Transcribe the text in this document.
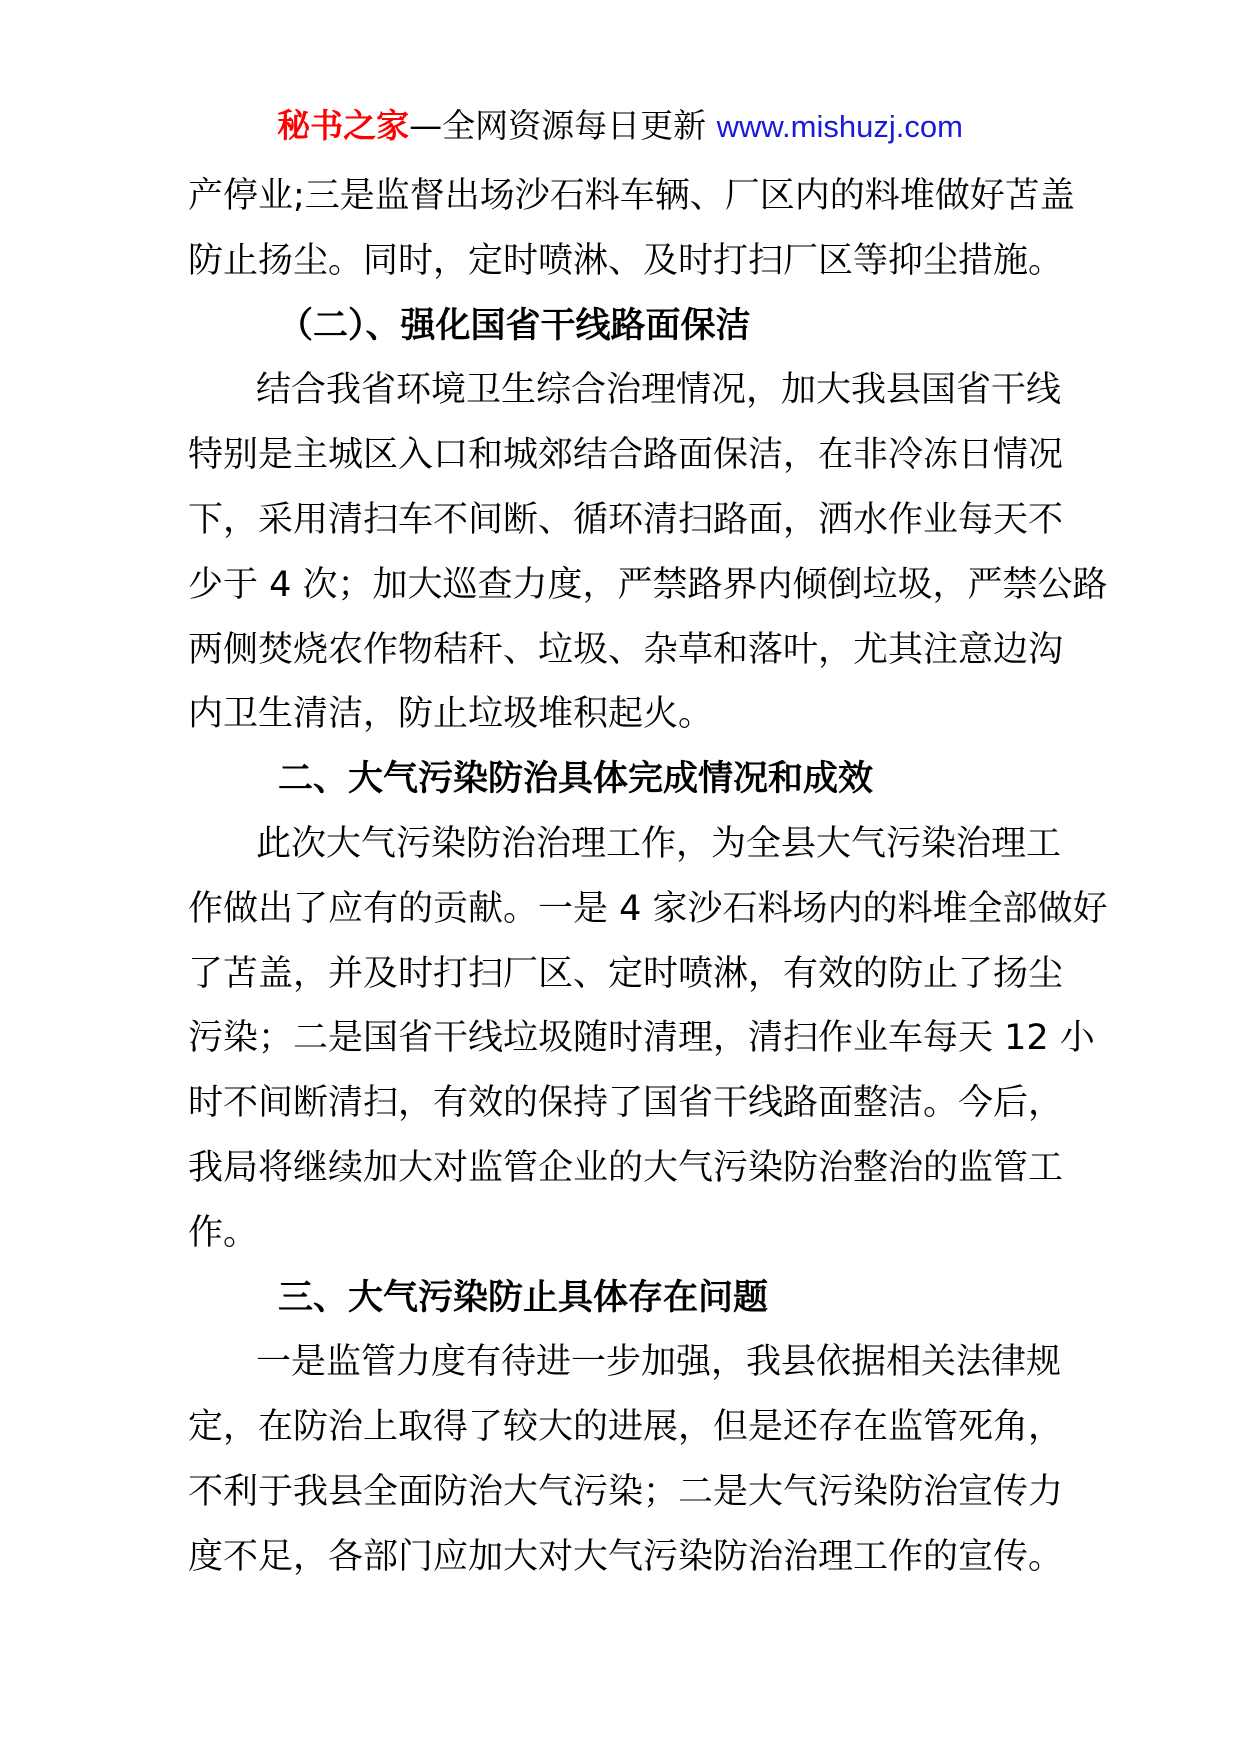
秘书之家—全网资源每日更新 www.mishuzj.com
产停业;三是监督出场沙石料车辆、厂区内的料堆做好苫盖
防止扬尘。同时，定时喷淋、及时打扫厂区等抑尘措施。
（二）、强化国省干线路面保洁
结合我省环境卫生综合治理情况，加大我县国省干线
特别是主城区入口和城郊结合路面保洁，在非冷冻日情况
下，采用清扫车不间断、循环清扫路面，洒水作业每天不
少于 4 次；加大巡查力度，严禁路界内倾倒垃圾，严禁公路
两侧焚烧农作物秸秆、垃圾、杂草和落叶，尤其注意边沟
内卫生清洁，防止垃圾堆积起火。
二、大气污染防治具体完成情况和成效
此次大气污染防治治理工作，为全县大气污染治理工
作做出了应有的贡献。一是 4 家沙石料场内的料堆全部做好
了苫盖，并及时打扫厂区、定时喷淋，有效的防止了扬尘
污染；二是国省干线垃圾随时清理，清扫作业车每天 12 小
时不间断清扫，有效的保持了国省干线路面整洁。今后，
我局将继续加大对监管企业的大气污染防治整治的监管工
作。
三、大气污染防止具体存在问题
一是监管力度有待进一步加强，我县依据相关法律规
定，在防治上取得了较大的进展，但是还存在监管死角，
不利于我县全面防治大气污染；二是大气污染防治宣传力
度不足，各部门应加大对大气污染防治治理工作的宣传。
